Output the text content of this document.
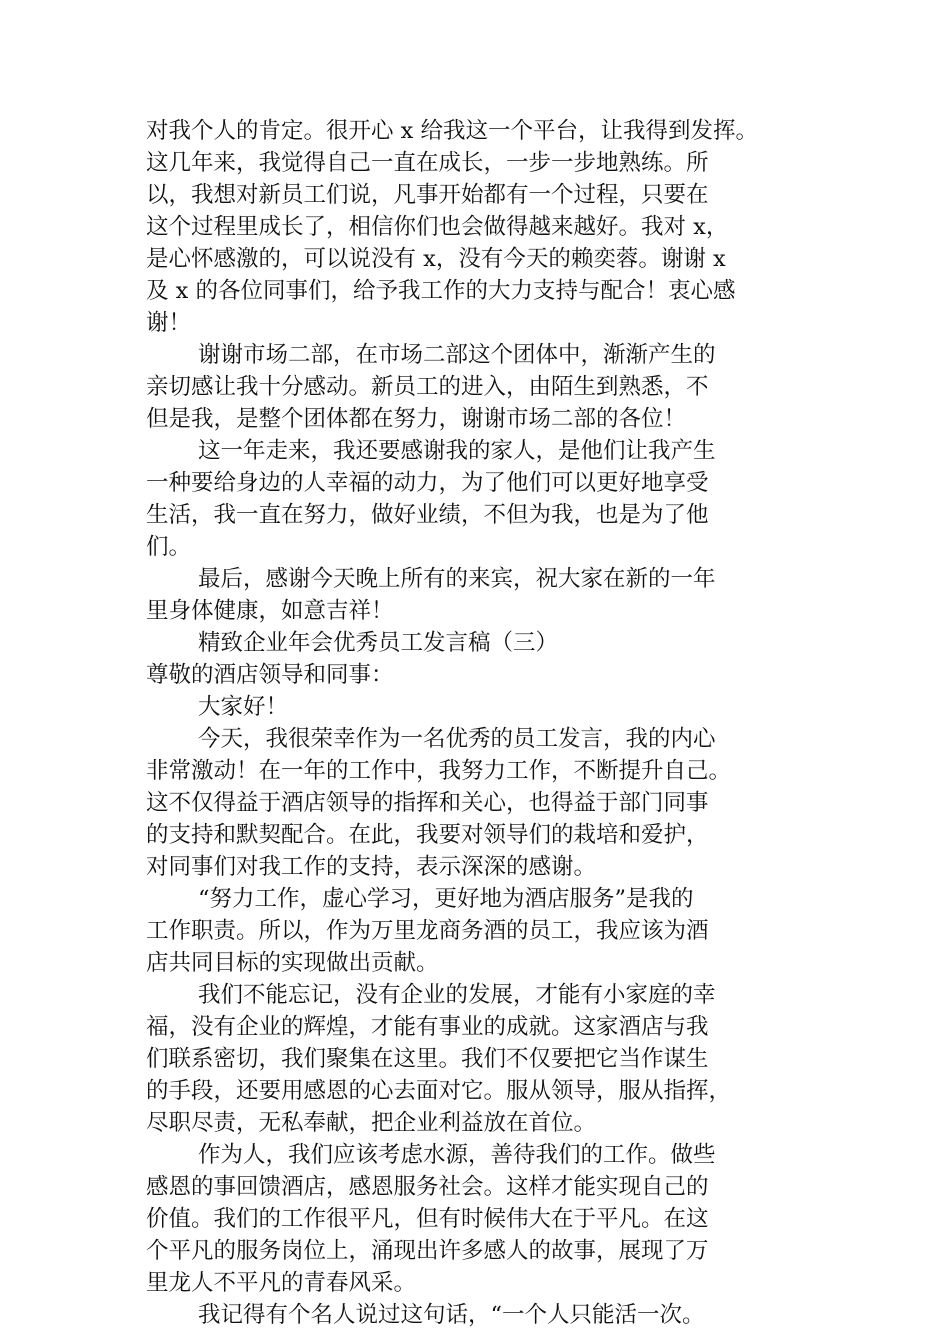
对我个人的肯定。很开心 x 给我这一个平台，让我得到发挥。
这几年来，我觉得自己一直在成长，一步一步地熟练。所
以，我想对新员工们说，凡事开始都有一个过程，只要在
这个过程里成长了，相信你们也会做得越来越好。我对 x，
是心怀感激的，可以说没有 x，没有今天的赖奕蓉。谢谢 x
及 x 的各位同事们，给予我工作的大力支持与配合！衷心感
谢！
谢谢市场二部，在市场二部这个团体中，渐渐产生的
亲切感让我十分感动。新员工的进入，由陌生到熟悉，不
但是我，是整个团体都在努力，谢谢市场二部的各位！
这一年走来，我还要感谢我的家人，是他们让我产生
一种要给身边的人幸福的动力，为了他们可以更好地享受
生活，我一直在努力，做好业绩，不但为我，也是为了他
们。
最后，感谢今天晚上所有的来宾，祝大家在新的一年
里身体健康，如意吉祥！
精致企业年会优秀员工发言稿（三）
尊敬的酒店领导和同事：
大家好！
今天，我很荣幸作为一名优秀的员工发言，我的内心
非常激动！在一年的工作中，我努力工作，不断提升自己。
这不仅得益于酒店领导的指挥和关心，也得益于部门同事
的支持和默契配合。在此，我要对领导们的栽培和爱护，
对同事们对我工作的支持，表示深深的感谢。
“努力工作，虚心学习，更好地为酒店服务”是我的
工作职责。所以，作为万里龙商务酒的员工，我应该为酒
店共同目标的实现做出贡献。
我们不能忘记，没有企业的发展，才能有小家庭的幸
福，没有企业的辉煌，才能有事业的成就。这家酒店与我
们联系密切，我们聚集在这里。我们不仅要把它当作谋生
的手段，还要用感恩的心去面对它。服从领导，服从指挥，
尽职尽责，无私奉献，把企业利益放在首位。
作为人，我们应该考虑水源，善待我们的工作。做些
感恩的事回馈酒店，感恩服务社会。这样才能实现自己的
价值。我们的工作很平凡，但有时候伟大在于平凡。在这
个平凡的服务岗位上，涌现出许多感人的故事，展现了万
里龙人不平凡的青春风采。
我记得有个名人说过这句话，“一个人只能活一次。
